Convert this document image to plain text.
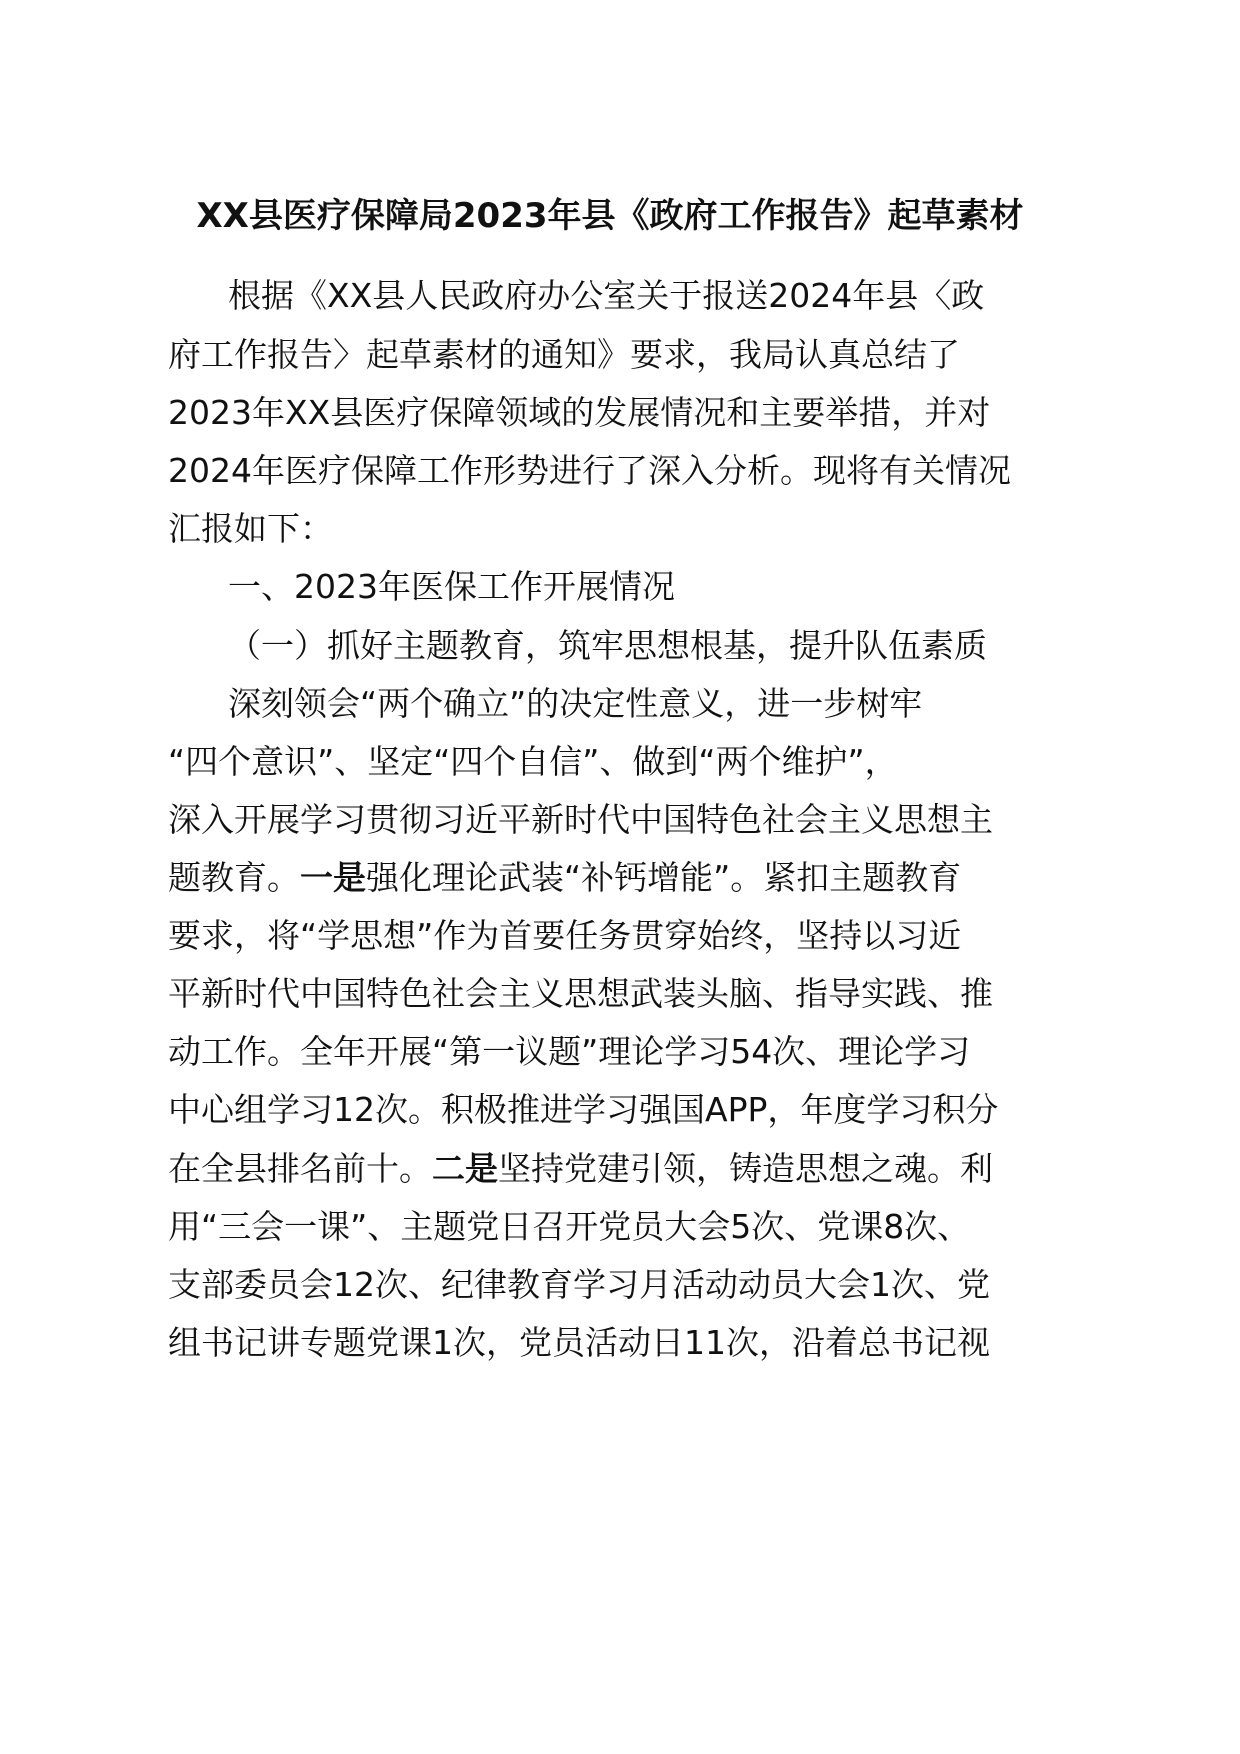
XX县医疗保障局2023年县《政府工作报告》起草素材
根据《XX县人民政府办公室关于报送2024年县〈政
府工作报告〉起草素材的通知》要求，我局认真总结了
2023年XX县医疗保障领域的发展情况和主要举措，并对
2024年医疗保障工作形势进行了深入分析。现将有关情况
汇报如下：
一、2023年医保工作开展情况
（一）抓好主题教育，筑牢思想根基，提升队伍素质
深刻领会“两个确立”的决定性意义，进一步树牢
“四个意识”、坚定“四个自信”、做到“两个维护”，
深入开展学习贯彻习近平新时代中国特色社会主义思想主
题教育。一是强化理论武装“补钙增能”。紧扣主题教育
要求，将“学思想”作为首要任务贯穿始终，坚持以习近
平新时代中国特色社会主义思想武装头脑、指导实践、推
动工作。全年开展“第一议题”理论学习54次、理论学习
中心组学习12次。积极推进学习强国APP，年度学习积分
在全县排名前十。二是坚持党建引领，铸造思想之魂。利
用“三会一课”、主题党日召开党员大会5次、党课8次、
支部委员会12次、纪律教育学习月活动动员大会1次、党
组书记讲专题党课1次，党员活动日11次，沿着总书记视
